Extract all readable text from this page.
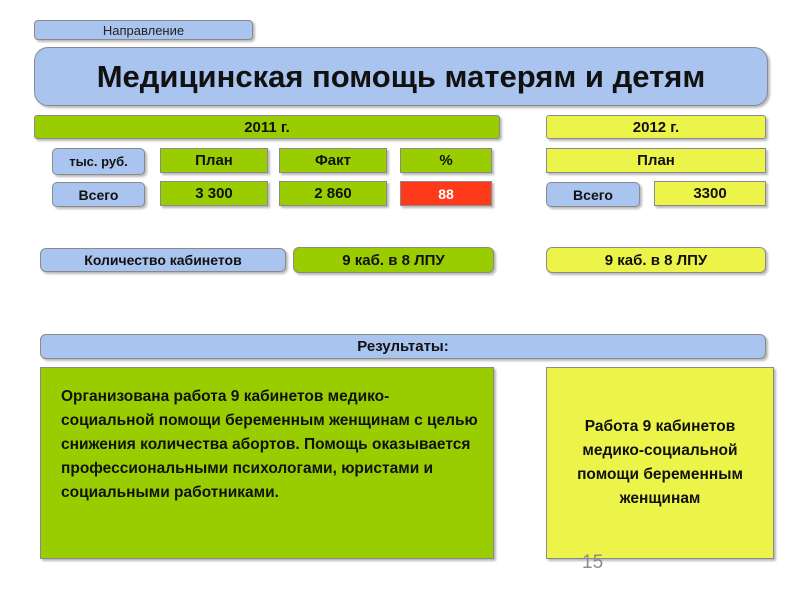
Направление
Медицинская помощь матерям и детям
2011 г.	2012 г.
тыс. руб.	План	Факт	%	План
Всего	3 300	2 860	88	Всего	3300
Количество кабинетов	9 каб. в 8 ЛПУ	9 каб. в 8 ЛПУ
Результаты:
Организована работа 9 кабинетов медико-социальной помощи беременным женщинам с целью снижения количества абортов. Помощь оказывается профессиональными психологами, юристами и социальными работниками.
Работа 9 кабинетов медико-социальной помощи беременным женщинам
15
